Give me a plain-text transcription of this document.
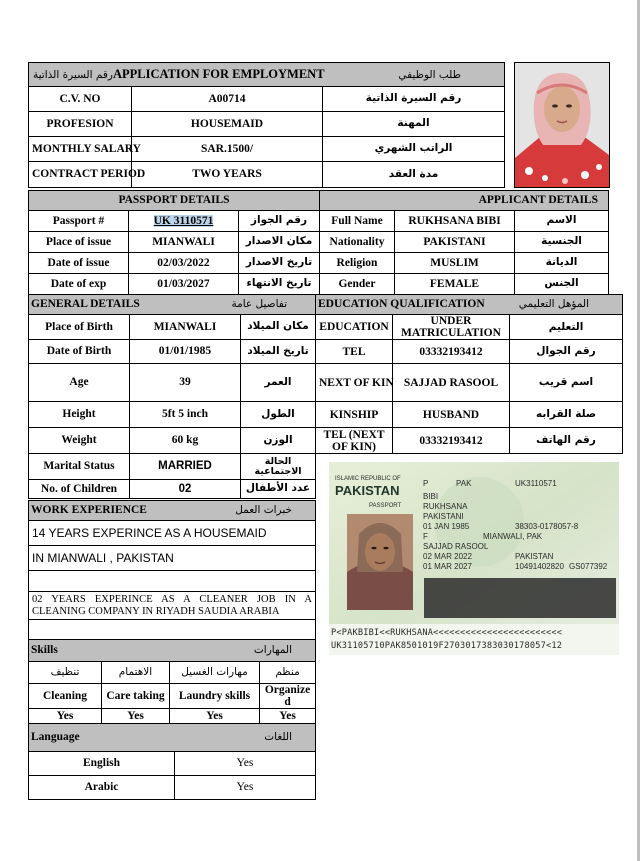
رقم السيرة الذاتيةAPPLICATION FOR EMPLOYMENT طلب الوظيفي		

C.V. NO	A00714	رقم السيرة الذاتية
PROFESION	HOUSEMAID	المهنة
MONTHLY SALARY	SAR.1500/	الراتب الشهري
CONTRACT PERIOD	TWO YEARS	مدة العقد
PASSPORT DETAILS			APPLICANT DETAILS		
Passport #	UK 3110571	رقم الجواز	Full Name	RUKHSANA BIBI	الاسم
Place of issue	MIANWALI	مكان الاصدار	Nationality	PAKISTANI	الجنسية
Date of issue	02/03/2022	تاريخ الاصدار	Religion	MUSLIM	الديانة
Date of exp	01/03/2027	تاريخ الانتهاء	Gender	FEMALE	الجنس
GENERAL DETAILS تفاصيل عامة		

Place of Birth	MIANWALI	مكان الميلاد
Date of Birth	01/01/1985	تاريخ الميلاد
Age	39	العمر
Height	5ft 5 inch	الطول
Weight	60 kg	الوزن
Marital Status	MARRIED	الحالة الاجتماعية
No. of Children	02	عدد الأطفال
EDUCATION QUALIFICATION المؤهل التعليمي		

EDUCATION	UNDER MATRICULATION	التعليم
TEL	03332193412	رقم الجوال
NEXT OF KIN	SAJJAD RASOOL	اسم قريب
KINSHIP	HUSBAND	صلة القرابه
TEL (NEXT OF KIN)	03332193412	رقم الهاتف
ISLAMIC REPUBLIC OF
PAKISTAN
PASSPORT
P	PAK	UK3110571
BIBI
RUKHSANA
PAKISTANI
01 JAN 1985	38303-0178057-8
F	MIANWALI, PAK
SAJJAD RASOOL
02 MAR 2022	PAKISTAN
01 MAR 2027	10491402820 GS077392
P<PAKBIBI<<RUKHSANA<<<<<<<<<<<<<<<<<<<<<<<<
UK31105710PAK8501019F2703017383030178057<12
WORK EXPERIENCE	خبرات العمل

14 YEARS EXPERINCE AS A HOUSEMAID
IN MIANWALI , PAKISTAN

02 YEARS EXPERINCE AS A CLEANER JOB IN A CLEANING COMPANY IN RIYADH SAUDIA ARABIA

Skills المهارات			

تنظيف	الاهتمام	مهارات الغسيل	منظم
Cleaning	Care taking	Laundry skills	Organized
Yes	Yes	Yes	Yes
Language اللغات	

English	Yes
Arabic	Yes
